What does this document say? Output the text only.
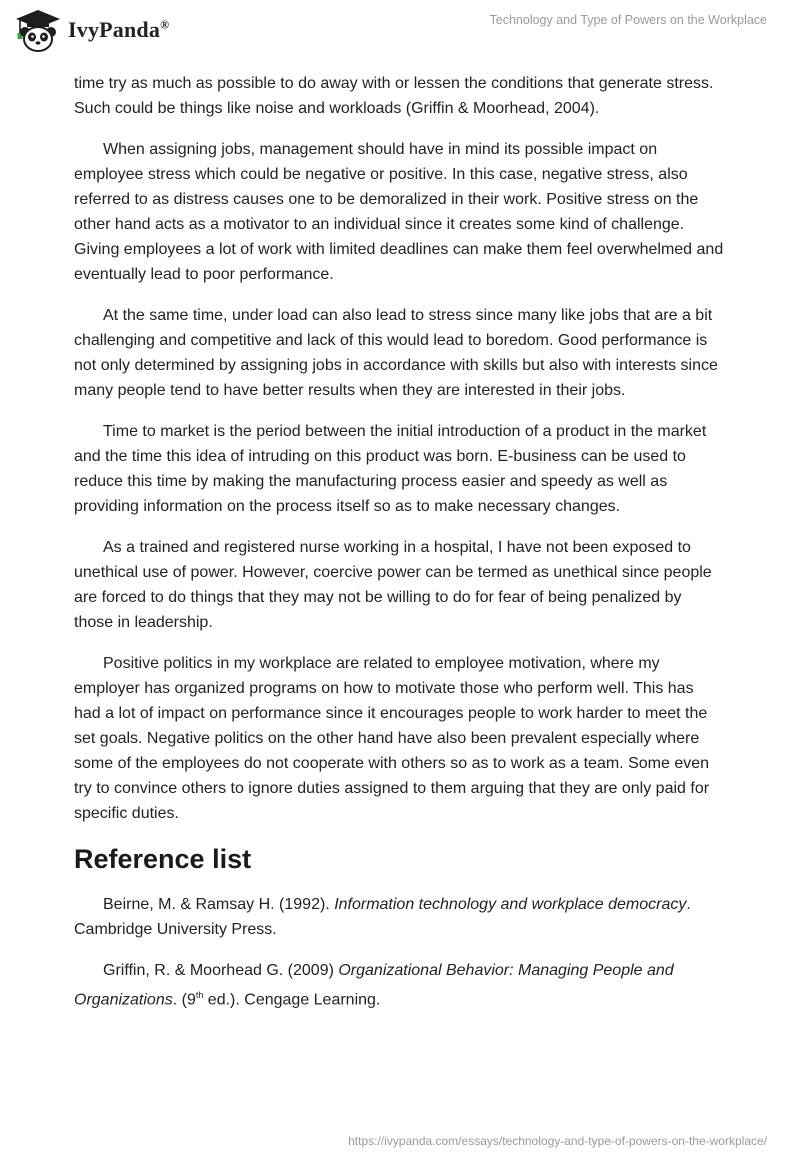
IvyPanda®	Technology and Type of Powers on the Workplace

time try as much as possible to do away with or lessen the conditions that generate stress. Such could be things like noise and workloads (Griffin & Moorhead, 2004).

When assigning jobs, management should have in mind its possible impact on employee stress which could be negative or positive. In this case, negative stress, also referred to as distress causes one to be demoralized in their work. Positive stress on the other hand acts as a motivator to an individual since it creates some kind of challenge. Giving employees a lot of work with limited deadlines can make them feel overwhelmed and eventually lead to poor performance.

At the same time, under load can also lead to stress since many like jobs that are a bit challenging and competitive and lack of this would lead to boredom. Good performance is not only determined by assigning jobs in accordance with skills but also with interests since many people tend to have better results when they are interested in their jobs.

Time to market is the period between the initial introduction of a product in the market and the time this idea of intruding on this product was born. E-business can be used to reduce this time by making the manufacturing process easier and speedy as well as providing information on the process itself so as to make necessary changes.

As a trained and registered nurse working in a hospital, I have not been exposed to unethical use of power. However, coercive power can be termed as unethical since people are forced to do things that they may not be willing to do for fear of being penalized by those in leadership.

Positive politics in my workplace are related to employee motivation, where my employer has organized programs on how to motivate those who perform well. This has had a lot of impact on performance since it encourages people to work harder to meet the set goals. Negative politics on the other hand have also been prevalent especially where some of the employees do not cooperate with others so as to work as a team. Some even try to convince others to ignore duties assigned to them arguing that they are only paid for specific duties.

Reference list

Beirne, M. & Ramsay H. (1992). Information technology and workplace democracy. Cambridge University Press.

Griffin, R. & Moorhead G. (2009) Organizational Behavior: Managing People and Organizations. (9th ed.). Cengage Learning.

https://ivypanda.com/essays/technology-and-type-of-powers-on-the-workplace/
